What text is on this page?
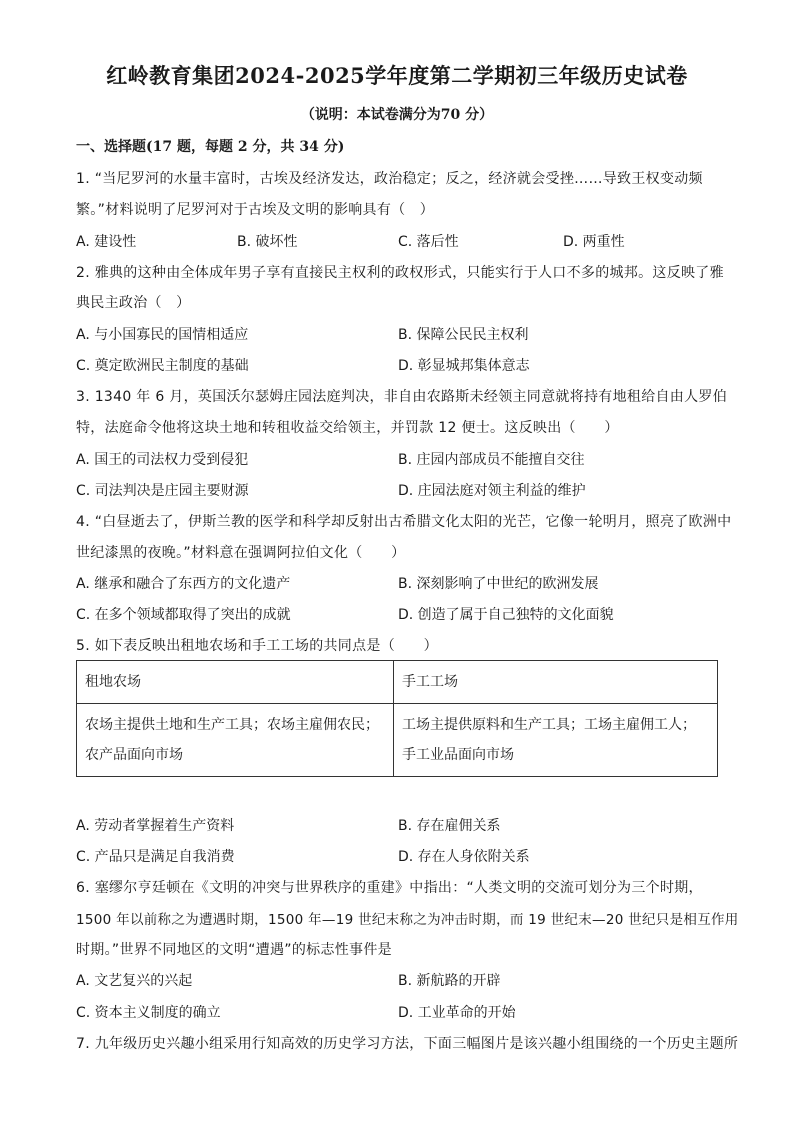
红岭教育集团2024-2025学年度第二学期初三年级历史试卷
（说明：本试卷满分为70 分）
一、选择题(17 题，每题 2 分，共 34 分)
1. “当尼罗河的水量丰富时，古埃及经济发达，政治稳定；反之，经济就会受挫……导致王权变动频
繁。”材料说明了尼罗河对于古埃及文明的影响具有（　）
A. 建设性	B. 破坏性	C. 落后性	D. 两重性
2. 雅典的这种由全体成年男子享有直接民主权利的政权形式，只能实行于人口不多的城邦。这反映了雅
典民主政治（　）
A. 与小国寡民的国情相适应	B. 保障公民民主权利
C. 奠定欧洲民主制度的基础	D. 彰显城邦集体意志
3. 1340 年 6 月，英国沃尔瑟姆庄园法庭判决，非自由农路斯未经领主同意就将持有地租给自由人罗伯
特，法庭命令他将这块土地和转租收益交给领主，并罚款 12 便士。这反映出（　　）
A. 国王的司法权力受到侵犯	B. 庄园内部成员不能擅自交往
C. 司法判决是庄园主要财源	D. 庄园法庭对领主利益的维护
4. “白昼逝去了，伊斯兰教的医学和科学却反射出古希腊文化太阳的光芒，它像一轮明月，照亮了欧洲中
世纪漆黑的夜晚。”材料意在强调阿拉伯文化（　　）
A. 继承和融合了东西方的文化遗产	B. 深刻影响了中世纪的欧洲发展
C. 在多个领域都取得了突出的成就	D. 创造了属于自己独特的文化面貌
5. 如下表反映出租地农场和手工工场的共同点是（　　）
租地农场	手工工场
农场主提供土地和生产工具；农场主雇佣农民；农产品面向市场	工场主提供原料和生产工具；工场主雇佣工人；手工业品面向市场
A. 劳动者掌握着生产资料	B. 存在雇佣关系
C. 产品只是满足自我消费	D. 存在人身依附关系
6. 塞缪尔亨廷顿在《文明的冲突与世界秩序的重建》中指出：“人类文明的交流可划分为三个时期，
1500 年以前称之为遭遇时期，1500 年—19 世纪末称之为冲击时期，而 19 世纪末—20 世纪只是相互作用
时期。”世界不同地区的文明“遭遇”的标志性事件是
A. 文艺复兴的兴起	B. 新航路的开辟
C. 资本主义制度的确立	D. 工业革命的开始
7. 九年级历史兴趣小组采用行知高效的历史学习方法，下面三幅图片是该兴趣小组围绕的一个历史主题所
